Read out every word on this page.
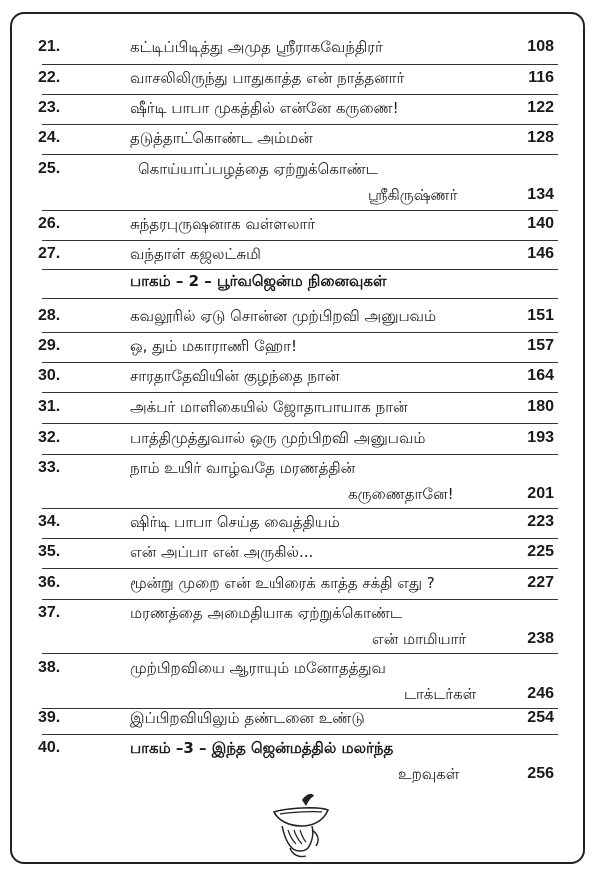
21.	கட்டிப்பிடித்து அமுத ஸ்ரீராகவேந்திரர்	108
22.	வாசலிலிருந்து பாதுகாத்த என் நாத்தனார்	116
23.	ஷீர்டி பாபா முகத்தில் என்னே கருணை!	122
24.	தடுத்தாட்கொண்ட அம்மன்	128
25.	கொய்யாப்பழத்தை ஏற்றுக்கொண்ட
ஸ்ரீகிருஷ்ணர்	134
26.	சுந்தரபுருஷனாக வள்ளலார்	140
27.	வந்தாள் கஜலட்சுமி	146
பாகம் – 2 – பூர்வஜென்ம நினைவுகள்
28.	கவலூரில் ஏடு சொன்ன முற்பிறவி அனுபவம்	151
29.	ஒ, தும் மகாராணி ஹோ!	157
30.	சாரதாதேவியின் குழந்தை நான்	164
31.	அக்பர் மாளிகையில் ஜோதாபாயாக நான்	180
32.	பாத்திமுத்துவால் ஒரு முற்பிறவி அனுபவம்	193
33.	நாம் உயிர் வாழ்வதே மரணத்தின்
கருணைதானே!	201
34.	ஷிர்டி பாபா செய்த வைத்தியம்	223
35.	என் அப்பா என் அருகில்...	225
36.	மூன்று முறை என் உயிரைக் காத்த சக்தி எது ?	227
37.	மரணத்தை அமைதியாக ஏற்றுக்கொண்ட
என் மாமியார்	238
38.	முற்பிறவியை ஆராயும் மனோதத்துவ
டாக்டர்கள்	246
39.	இப்பிறவியிலும் தண்டனை உண்டு	254
40.	பாகம் –3 – இந்த ஜென்மத்தில் மலர்ந்த
உறவுகள்	256
